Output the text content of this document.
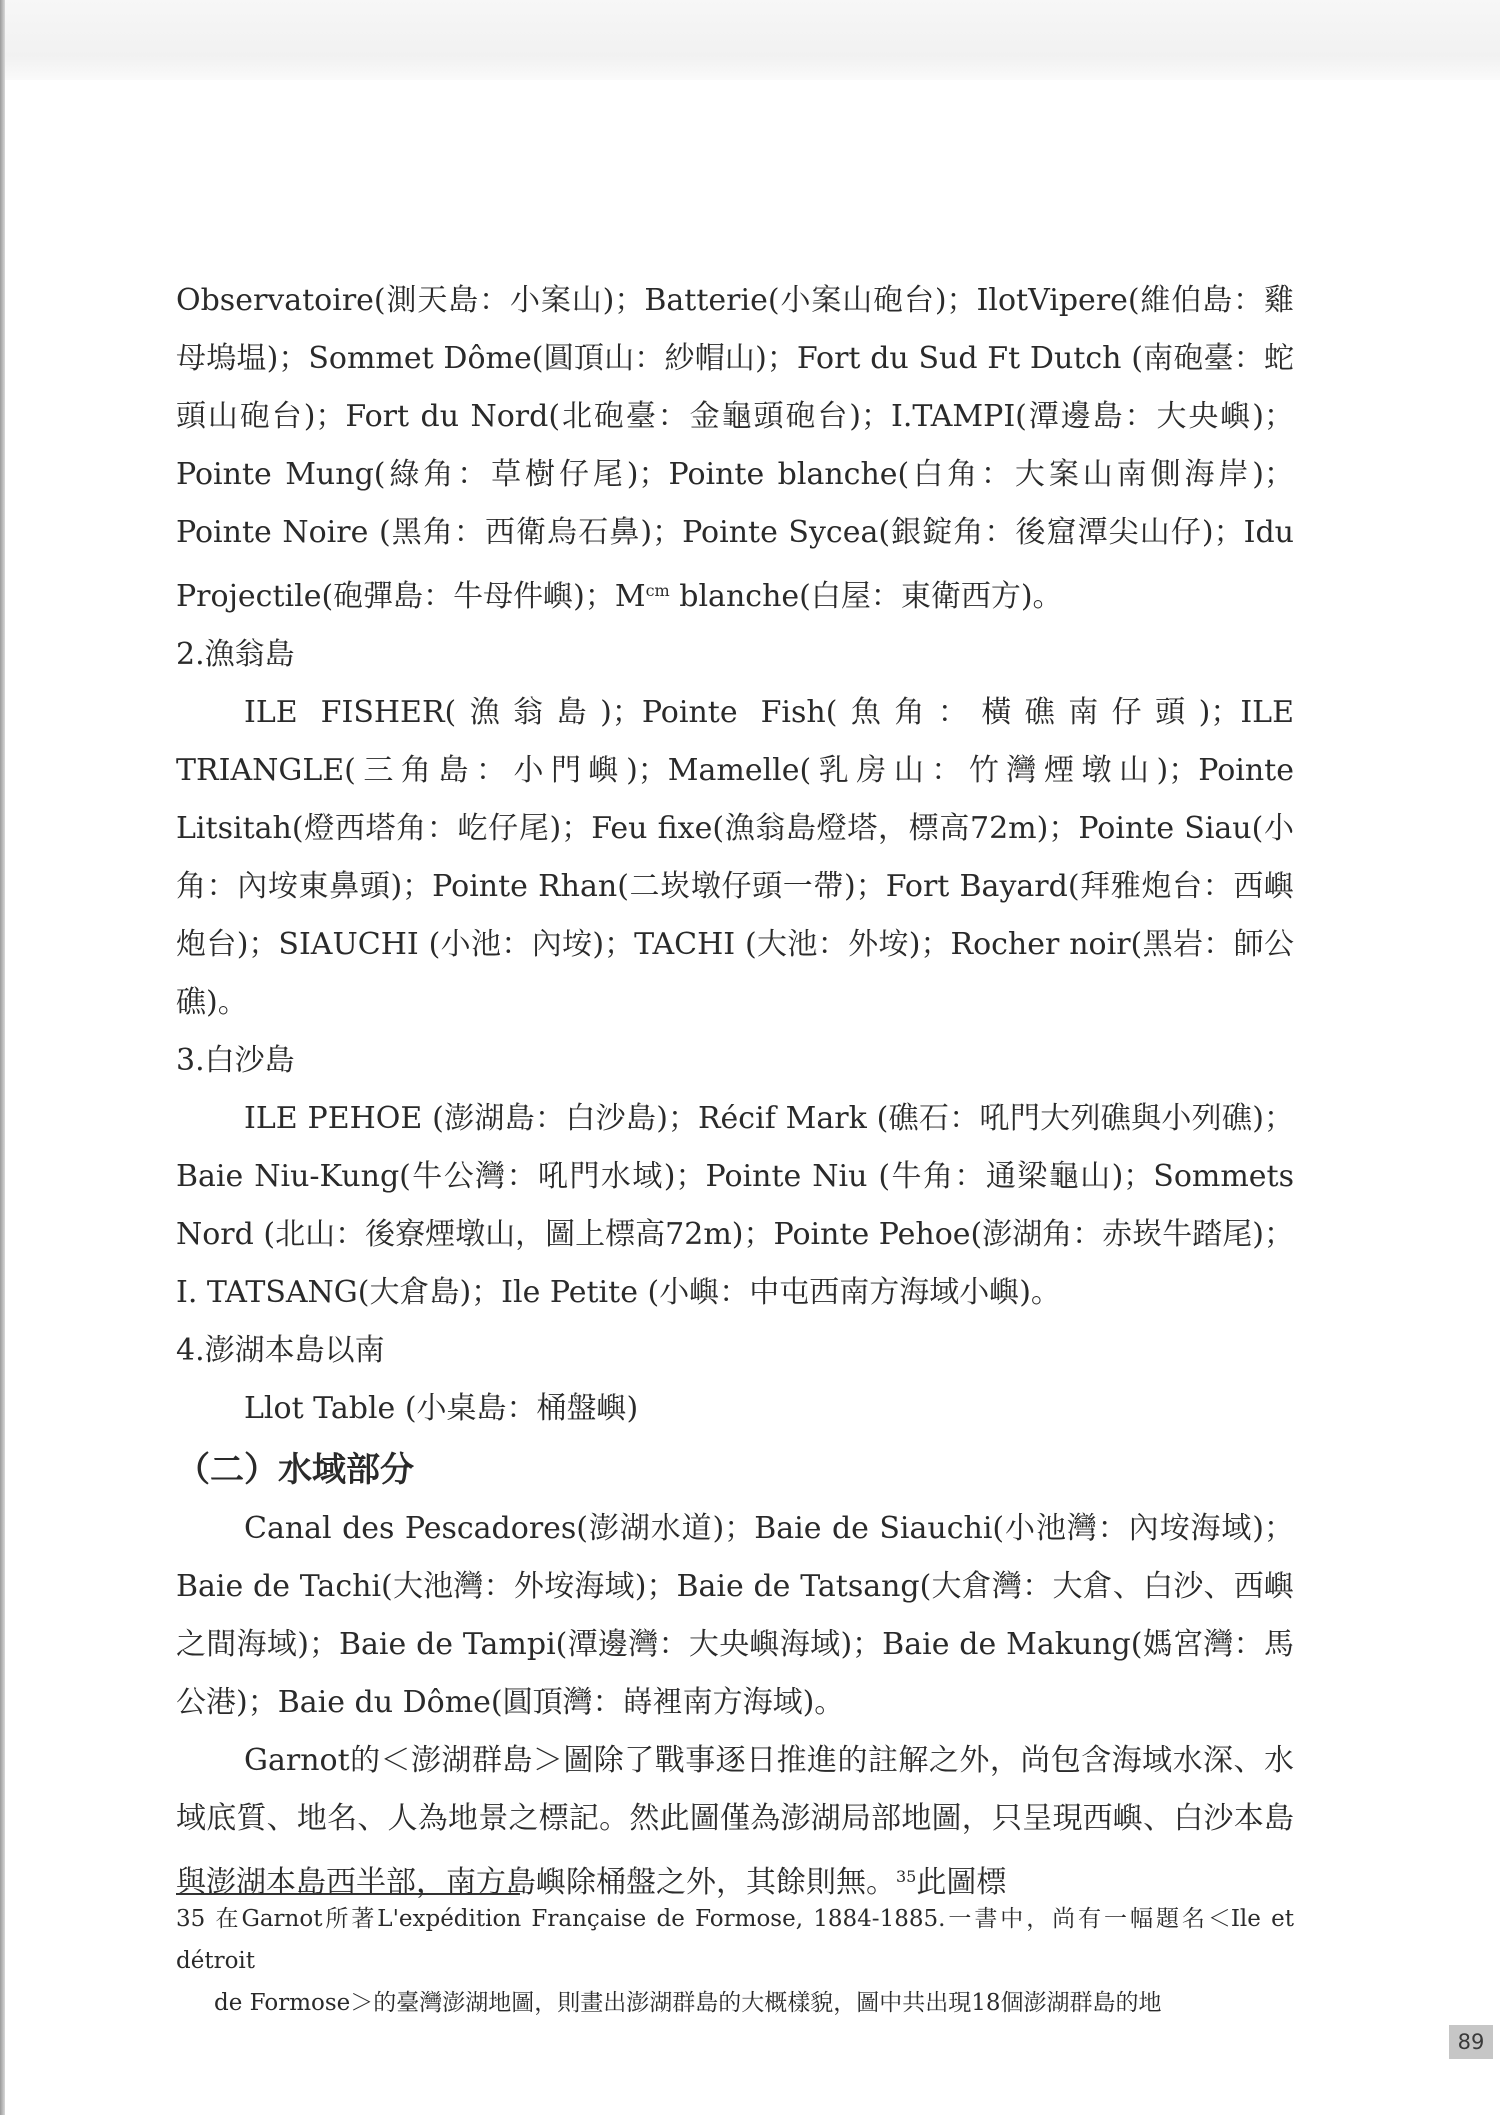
Observatoire(測天島：小案山)；Batterie(小案山砲台)；IlotVipere(維伯島：雞母塢塭)；Sommet Dôme(圓頂山：紗帽山)；Fort du Sud Ft Dutch (南砲臺：蛇頭山砲台)；Fort du Nord(北砲臺：金龜頭砲台)；I.TAMPI(潭邊島：大央嶼)；Pointe Mung(綠角：草樹仔尾)；Pointe blanche(白角：大案山南側海岸)；Pointe Noire (黑角：西衛烏石鼻)；Pointe Sycea(銀錠角：後窟潭尖山仔)；Idu Projectile(砲彈島：牛母件嶼)；$M^{cm}$ blanche(白屋：東衛西方)。

2.漁翁島

ILE FISHER(漁翁島)；Pointe Fish(魚角：橫礁南仔頭)；ILE TRIANGLE(三角島：小門嶼)；Mamelle(乳房山：竹灣煙墩山)；Pointe Litsitah(燈西塔角：屹仔尾)；Feu fixe(漁翁島燈塔，標高72m)；Pointe Siau(小角：內垵東鼻頭)；Pointe Rhan(二崁墩仔頭一帶)；Fort Bayard(拜雅炮台：西嶼炮台)；SIAUCHI (小池：內垵)；TACHI (大池：外垵)；Rocher noir(黑岩：師公礁)。

3.白沙島

ILE PEHOE (澎湖島：白沙島)；Récif Mark (礁石：吼門大列礁與小列礁)；Baie Niu-Kung(牛公灣：吼門水域)；Pointe Niu (牛角：通梁龜山)；Sommets Nord (北山：後寮煙墩山，圖上標高72m)；Pointe Pehoe(澎湖角：赤崁牛踏尾)；I. TATSANG(大倉島)；Ile Petite (小嶼：中屯西南方海域小嶼)。

4.澎湖本島以南

Llot Table (小桌島：桶盤嶼)

（二）水域部分

Canal des Pescadores(澎湖水道)；Baie de Siauchi(小池灣：內垵海域)；Baie de Tachi(大池灣：外垵海域)；Baie de Tatsang(大倉灣：大倉、白沙、西嶼之間海域)；Baie de Tampi(潭邊灣：大央嶼海域)；Baie de Makung(媽宮灣：馬公港)；Baie du Dôme(圓頂灣：嵵裡南方海域)。

Garnot的＜澎湖群島＞圖除了戰事逐日推進的註解之外，尚包含海域水深、水域底質、地名、人為地景之標記。然此圖僅為澎湖局部地圖，只呈現西嶼、白沙本島與澎湖本島西半部，南方島嶼除桶盤之外，其餘則無。$^{35}$此圖標

35 在Garnot所著L'expédition Française de Formose, 1884-1885.一書中，尚有一幅題名＜Ile et détroit
de Formose＞的臺灣澎湖地圖，則畫出澎湖群島的大概樣貌，圖中共出現18個澎湖群島的地
89
